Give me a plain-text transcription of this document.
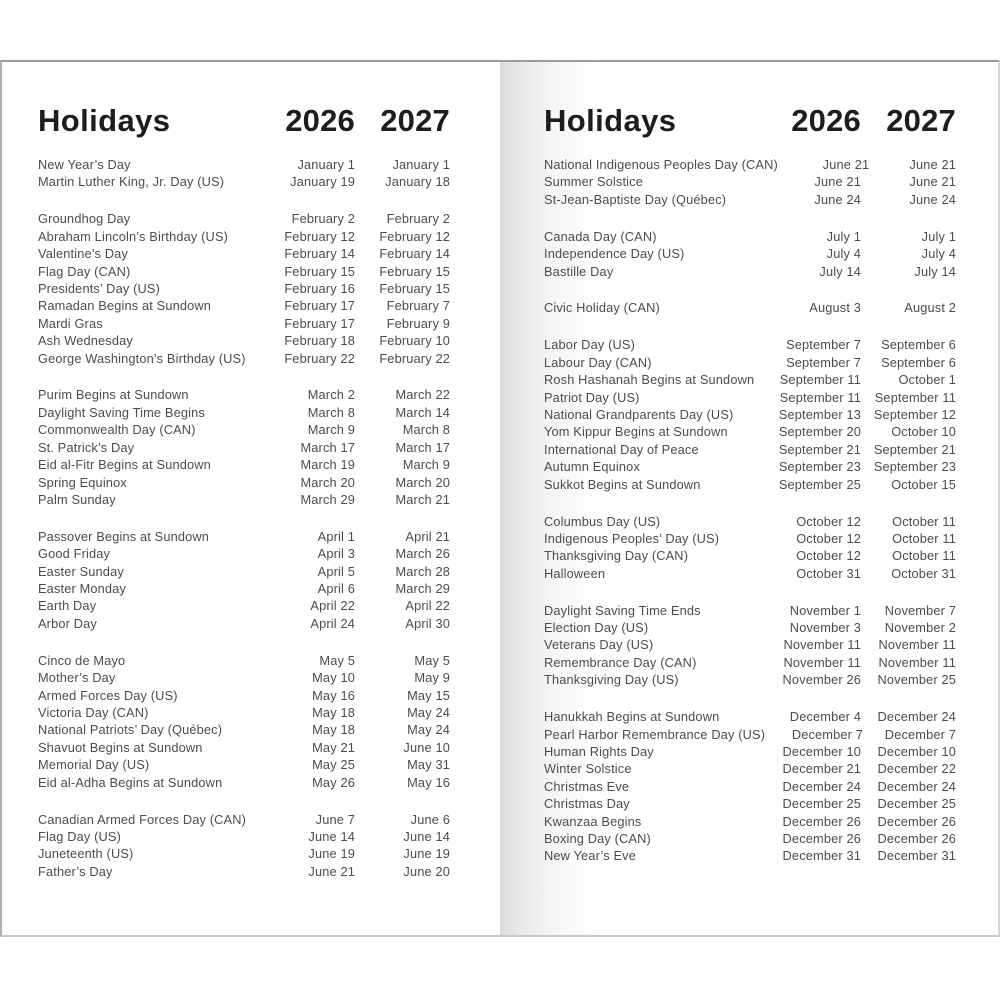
Holidays	2026 2027
New Year’s Day	January 1	January 1
Martin Luther King, Jr. Day (US)	January 19	January 18
Groundhog Day	February 2	February 2
Abraham Lincoln’s Birthday (US)	February 12	February 12
Valentine’s Day	February 14	February 14
Flag Day (CAN)	February 15	February 15
Presidents’ Day (US)	February 16	February 15
Ramadan Begins at Sundown	February 17	February 7
Mardi Gras	February 17	February 9
Ash Wednesday	February 18	February 10
George Washington’s Birthday (US)	February 22	February 22
Purim Begins at Sundown	March 2	March 22
Daylight Saving Time Begins	March 8	March 14
Commonwealth Day (CAN)	March 9	March 8
St. Patrick’s Day	March 17	March 17
Eid al-Fitr Begins at Sundown	March 19	March 9
Spring Equinox	March 20	March 20
Palm Sunday	March 29	March 21
Passover Begins at Sundown	April 1	April 21
Good Friday	April 3	March 26
Easter Sunday	April 5	March 28
Easter Monday	April 6	March 29
Earth Day	April 22	April 22
Arbor Day	April 24	April 30
Cinco de Mayo	May 5	May 5
Mother’s Day	May 10	May 9
Armed Forces Day (US)	May 16	May 15
Victoria Day (CAN)	May 18	May 24
National Patriots’ Day (Québec)	May 18	May 24
Shavuot Begins at Sundown	May 21	June 10
Memorial Day (US)	May 25	May 31
Eid al-Adha Begins at Sundown	May 26	May 16
Canadian Armed Forces Day (CAN)	June 7	June 6
Flag Day (US)	June 14	June 14
Juneteenth (US)	June 19	June 19
Father’s Day	June 21	June 20
Holidays	2026 2027
National Indigenous Peoples Day (CAN)	June 21	June 21
Summer Solstice	June 21	June 21
St-Jean-Baptiste Day (Québec)	June 24	June 24
Canada Day (CAN)	July 1	July 1
Independence Day (US)	July 4	July 4
Bastille Day	July 14	July 14
Civic Holiday (CAN)	August 3	August 2
Labor Day (US)	September 7	September 6
Labour Day (CAN)	September 7	September 6
Rosh Hashanah Begins at Sundown	September 11	October 1
Patriot Day (US)	September 11	September 11
National Grandparents Day (US)	September 13	September 12
Yom Kippur Begins at Sundown	September 20	October 10
International Day of Peace	September 21	September 21
Autumn Equinox	September 23	September 23
Sukkot Begins at Sundown	September 25	October 15
Columbus Day (US)	October 12	October 11
Indigenous Peoples’ Day (US)	October 12	October 11
Thanksgiving Day (CAN)	October 12	October 11
Halloween	October 31	October 31
Daylight Saving Time Ends	November 1	November 7
Election Day (US)	November 3	November 2
Veterans Day (US)	November 11	November 11
Remembrance Day (CAN)	November 11	November 11
Thanksgiving Day (US)	November 26	November 25
Hanukkah Begins at Sundown	December 4	December 24
Pearl Harbor Remembrance Day (US)	December 7	December 7
Human Rights Day	December 10	December 10
Winter Solstice	December 21	December 22
Christmas Eve	December 24	December 24
Christmas Day	December 25	December 25
Kwanzaa Begins	December 26	December 26
Boxing Day (CAN)	December 26	December 26
New Year’s Eve	December 31	December 31
